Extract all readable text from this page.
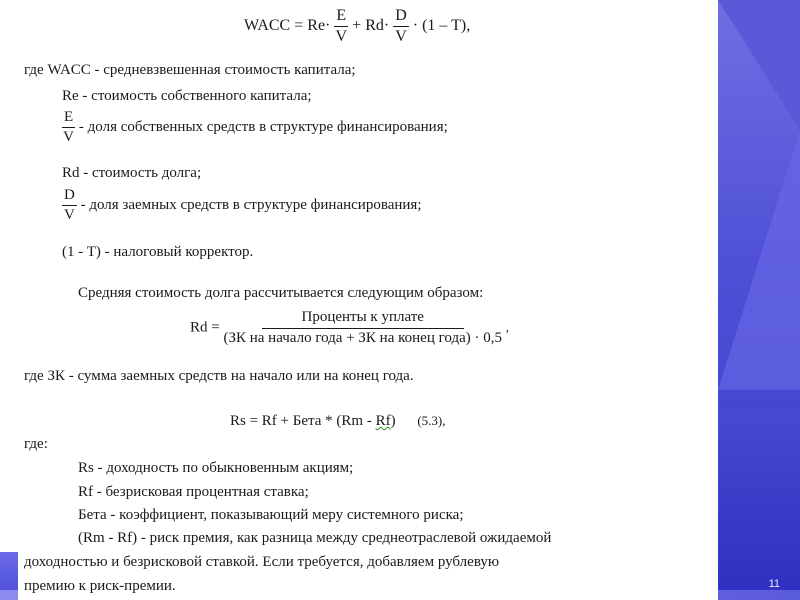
11
WACC = $Re\cdot \frac{E}{V} + Rd\cdot \frac{D}{V} \cdot (1 - T)$,
где WACC - средневзвешенная стоимость капитала;
Re - стоимость собственного капитала;
$\frac{E}{V}$ - доля собственных средств в структуре финансирования;
Rd - стоимость долга;
$\frac{D}{V}$ - доля заемных средств в структуре финансирования;
(1 - T) - налоговый корректор.
Средняя стоимость долга рассчитывается следующим образом:
$Rd = \frac{\text{Проценты к уплате}}{\text{(ЗК на начало года + ЗК на конец года) · 0,5}}$ ,
где ЗК - сумма заемных средств на начало или на конец года.
Rs = Rf + Бета * (Rm - Rf) (5.3),
где:
Rs - доходность по обыкновенным акциям;
Rf - безрисковая процентная ставка;
Бета - коэффициент, показывающий меру системного риска;
(Rm - Rf) - риск премия, как разница между среднеотраслевой ожидаемой
доходностью и безрисковой ставкой. Если требуется, добавляем рублевую
премию к риск-премии.
